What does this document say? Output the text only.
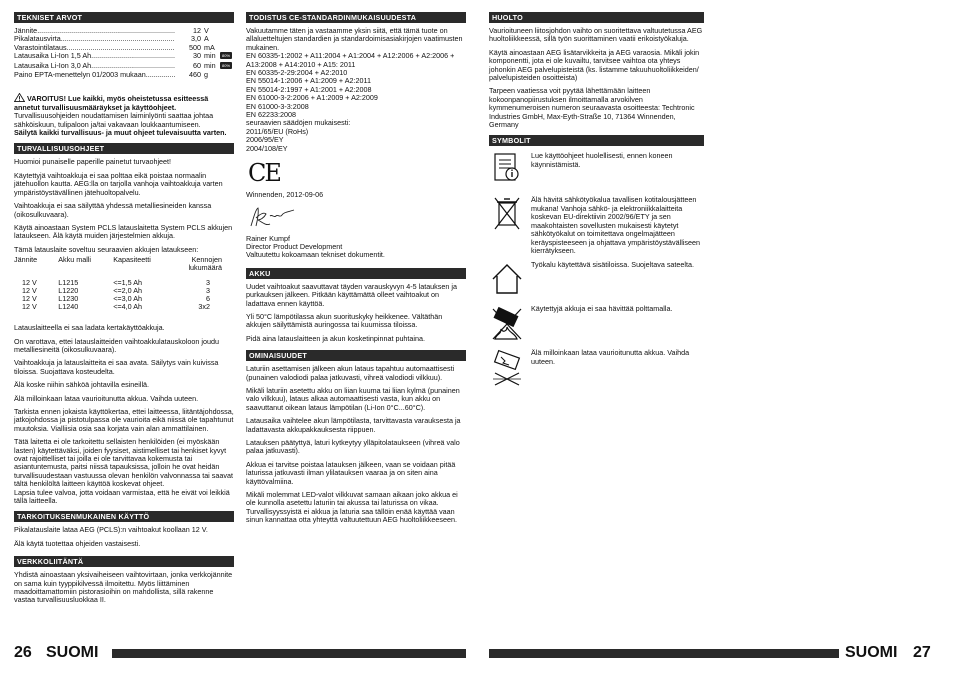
TEKNISET ARVOT
Jännite .....	12 V
Pikalatausvirta .....	3,0 A
Varastointilataus .....	500 mA
Latausaika Li-Ion 1,5 Ah .....	30 min	80%
Latausaika Li-Ion 3,0 Ah .....	60 min	80%
Paino EPTA-menettelyn 01/2003 mukaan .....	460 g
VAROITUS! Lue kaikki, myös oheistetussa esitteessä annetut turvallisuusmääräykset ja käyttöohjeet. Turvallisuusohjeiden noudattamisen laiminlyönti saattaa johtaa sähköiskuun, tulipaloon ja/tai vakavaan loukkaantumiseen.
Säilytä kaikki turvallisuus- ja muut ohjeet tulevaisuutta varten.
TURVALLISUUSOHJEET
Huomioi punaiselle paperille painetut turvaohjeet!
Käytettyjä vaihtoakkuja ei saa polttaa eikä poistaa normaalin jätehuollon kautta. AEG:lla on tarjolla vanhoja vaihtoakkuja varten ympäristöystävällinen jätehuoltopalvelu.
Vaihtoakkuja ei saa säilyttää yhdessä metalliesineiden kanssa (oikosulkuvaara).
Käytä ainoastaan System PCLS latauslaitetta System PCLS akkujen lataukseen. Älä käytä muiden järjestelmien akkuja.
Tämä latauslaite soveltuu seuraavien akkujen lataukseen:
Jännite	Akku malli	Kapasiteetti	Kennojen lukumäärä

12 V	L1215	<=1,5 Ah	3
12 V	L1220	<=2,0 Ah	3
12 V	L1230	<=3,0 Ah	6
12 V	L1240	<=4,0 Ah	3x2
Latauslaitteella ei saa ladata kertakäyttöakkuja.
On varottava, ettei latauslaitteiden vaihtoakkulatauskoloon joudu metalliesineitä (oikosulkuvaara).
Vaihtoakkuja ja latauslaitteita ei saa avata. Säilytys vain kuivissa tiloissa. Suojattava kosteudelta.
Älä koske niihin sähköä johtavilla esineillä.
Älä milloinkaan lataa vaurioitunutta akkua. Vaihda uuteen.
Tarkista ennen jokaista käyttökertaa, ettei laitteessa, liitäntäjohdossa, jatkojohdossa ja pistotulpassa ole vaurioita eikä niissä ole tapahtunut muutoksia. Vialliisia osia saa korjata vain alan ammattilainen.
Tätä laitetta ei ole tarkoitettu sellaisten henkilöiden (ei myöskään lasten) käytettäväksi, joiden fyysiset, aistimelliset tai henkiset kyvyt ovat rajoittelliset tai joilla ei ole tarvittavaa kokemusta tai asiantuntemusta, paitsi niissä tapauksissa, jolloin he ovat heidän turvallisuudestaan vastuussa olevan henkilön valvonnassa tai saavat tältä henkilöltä laitteen käyttöä koskevat ohjeet.
Lapsia tulee valvoa, jotta voidaan varmistaa, että he eivät voi leikkiä tällä laitteella.
TARKOITUKSENMUKAINEN KÄYTTÖ
Pikalatauslaite lataa AEG (PCLS):n vaihtoakut koollaan 12 V.
Älä käytä tuotettaa ohjeiden vastaisesti.
VERKKOLIITÄNTÄ
Yhdistä ainoastaan yksivaiheiseen vaihtovirtaan, jonka verkkojännite on sama kuin tyyppikilvessä ilmoitettu. Myös liittäminen maadoittamattomiin pistorasioihin on mahdollista, sillä rakenne vastaa turvallisuusluokkaa II.
TODISTUS CE-STANDARDINMUKAISUUDESTA
Vakuutamme täten ja vastaamme yksin siitä, että tämä tuote on allaluetteltujen standardien ja standardoimisasiakirjojen vaatimusten mukainen.
EN 60335-1:2002 + A11:2004 + A1:2004 + A12:2006 + A2:2006 + A13:2008 + A14:2010 + A15: 2011
EN 60335-2-29:2004 + A2:2010
EN 55014-1:2006 + A1:2009 + A2:2011
EN 55014-2:1997 + A1:2001 + A2:2008
EN 61000-3-2:2006 + A1:2009 + A2:2009
EN 61000-3-3:2008
EN 62233:2008
seuraavien säädöjen mukaisesti:
2011/65/EU (RoHs)
2006/95/EY
2004/108/EY
CE
Winnenden, 2012-09-06
Rainer Kumpf
Director Product Development
Valtuutettu kokoamaan tekniset dokumentit.
AKKU
Uudet vaihtoakut saavuttavat täyden varauskyvyn 4-5 latauksen ja purkauksen jälkeen. Pitkään käyttämättä olleet vaihtoakut on ladattava ennen käyttöä.
Yli 50°C lämpötilassa akun suorituskyky heikkenee. Vältäthän akkujen säilyttämistä auringossa tai kuumissa tiloissa.
Pidä aina latauslaitteen ja akun kosketinpinnat puhtaina.
OMINAISUUDET
Laturiin asettamisen jälkeen akun lataus tapahtuu automaattisesti (punainen valodiodi palaa jatkuvasti, vihreä valodiodi vilkkuu).
Mikäli laturiin asetettu akku on liian kuuma tai liian kylmä (punainen valo vilkkuu), lataus alkaa automaattisesti vasta, kun akku on saavuttanut oikean lataus lämpötilan (Li-Ion 0°C...60°C).
Latausaika vaihtelee akun lämpötilasta, tarvittavasta varauksesta ja ladattavasta akkupakkauksesta riippuen.
Latauksen päätyttyä, laturi kytkeytyy ylläpitolataukseen (vihreä valo palaa jatkuvasti).
Akkua ei tarvitse poistaa latauksen jälkeen, vaan se voidaan pitää laturissa jatkuvasti ilman ylilatauksen vaaraa ja on siten aina käyttövalmiina.
Mikäli molemmat LED-valot vilkkuvat samaan aikaan joko akkua ei ole kunnolla asetettu laturiin tai akussa tai laturissa on vikaa. Turvallisyyssyistä ei akkua ja laturia saa tällöin enää käyttää vaan sinun kannattaa otta yhteyttä valtuutettuun AEG huoltoliikkeeseen.
HUOLTO
Vaurioituneen liitosjohdon vaihto on suoritettava valtuutetussa AEG huoltoliikkeessä, sillä työn suorittaminen vaatii erikoistyökaluja.
Käytä ainoastaan AEG lisätarvikkeita ja AEG varaosia. Mikäli jokin komponentti, jota ei ole kuvailtu, tarvitsee vaihtoa ota yhteys johonkin AEG palvelupisteistä (ks. listamme takuuhuoltoliikkeiden/ palvelupisteiden osoitteista)
Tarpeen vaatiessa voit pyytää lähettämään laitteen kokoonpanopiirustuksen ilmoittamalla arvokilven kymmenumeroisen numeron seuraavasta osoitteesta: Techtronic Industries GmbH, Max-Eyth-Straße 10, 71364 Winnenden, Germany
SYMBOLIT
Lue käyttöohjeet huolellisesti, ennen koneen käynnistämistä.
Älä hävitä sähkötyökalua tavallisen kotitalousjätteen mukana! Vanhoja sähkö- ja elektroniikkalaitteita koskevan EU-direktiivin 2002/96/ETY ja sen maakohtaisten sovellusten mukaisesti käytetyt sähkötyökalut on toimitettava ongelmajätteen keräyspisteeseen ja ohjattava ympäristöystävälliseen kierrätykseen.
Työkalu käytettävä sisätiloissa. Suojeltava sateelta.
Käytettyjä akkuja ei saa hävittää polttamalla.
Älä milloinkaan lataa vaurioitunutta akkua. Vaihda uuteen.
26 SUOMI	SUOMI 27
